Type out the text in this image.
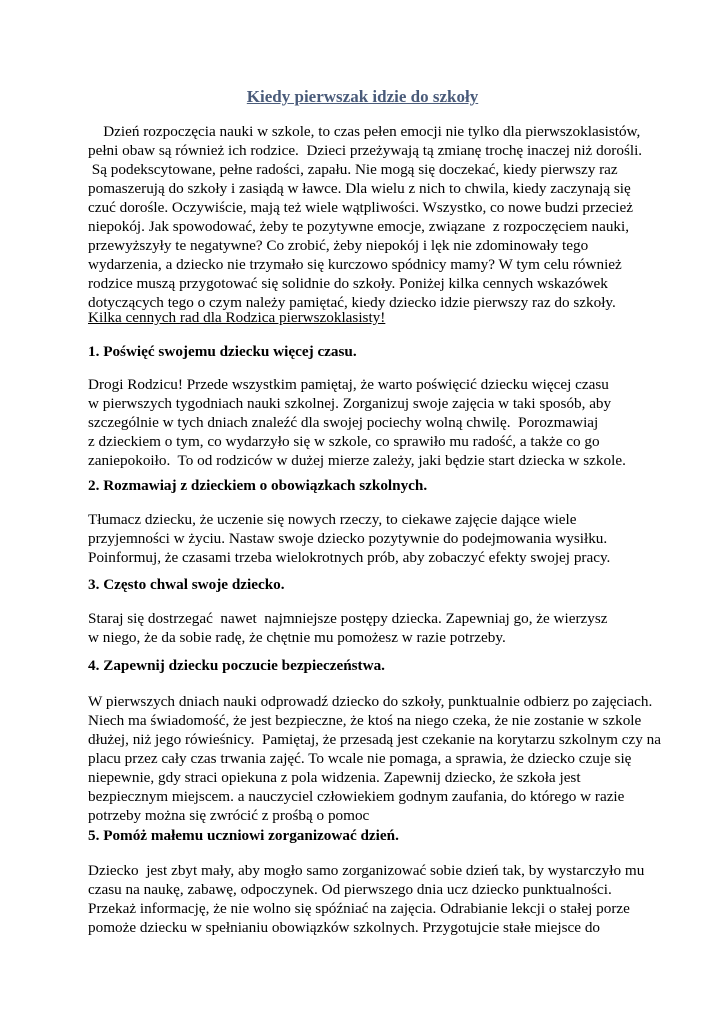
Kiedy pierwszak idzie do szkoły
Dzień rozpoczęcia nauki w szkole, to czas pełen emocji nie tylko dla pierwszoklasistów,
pełni obaw są również ich rodzice.  Dzieci przeżywają tą zmianę trochę inaczej niż dorośli.
Są podekscytowane, pełne radości, zapału. Nie mogą się doczekać, kiedy pierwszy raz
pomaszerują do szkoły i zasiądą w ławce. Dla wielu z nich to chwila, kiedy zaczynają się
czuć dorośle. Oczywiście, mają też wiele wątpliwości. Wszystko, co nowe budzi przecież
niepokój. Jak spowodować, żeby te pozytywne emocje, związane  z rozpoczęciem nauki,
przewyższyły te negatywne? Co zrobić, żeby niepokój i lęk nie zdominowały tego
wydarzenia, a dziecko nie trzymało się kurczowo spódnicy mamy? W tym celu również
rodzice muszą przygotować się solidnie do szkoły. Poniżej kilka cennych wskazówek
dotyczących tego o czym należy pamiętać, kiedy dziecko idzie pierwszy raz do szkoły.
Kilka cennych rad dla Rodzica pierwszoklasisty!
1. Poświęć swojemu dziecku więcej czasu.
Drogi Rodzicu! Przede wszystkim pamiętaj, że warto poświęcić dziecku więcej czasu
w pierwszych tygodniach nauki szkolnej. Zorganizuj swoje zajęcia w taki sposób, aby
szczególnie w tych dniach znaleźć dla swojej pociechy wolną chwilę.  Porozmawiaj
z dzieckiem o tym, co wydarzyło się w szkole, co sprawiło mu radość, a także co go
zaniepokoiło.  To od rodziców w dużej mierze zależy, jaki będzie start dziecka w szkole.
2. Rozmawiaj z dzieckiem o obowiązkach szkolnych.
Tłumacz dziecku, że uczenie się nowych rzeczy, to ciekawe zajęcie dające wiele
przyjemności w życiu. Nastaw swoje dziecko pozytywnie do podejmowania wysiłku.
Poinformuj, że czasami trzeba wielokrotnych prób, aby zobaczyć efekty swojej pracy.
3. Często chwal swoje dziecko.
Staraj się dostrzegać  nawet  najmniejsze postępy dziecka. Zapewniaj go, że wierzysz
w niego, że da sobie radę, że chętnie mu pomożesz w razie potrzeby.
4. Zapewnij dziecku poczucie bezpieczeństwa.
W pierwszych dniach nauki odprowadź dziecko do szkoły, punktualnie odbierz po zajęciach.
Niech ma świadomość, że jest bezpieczne, że ktoś na niego czeka, że nie zostanie w szkole
dłużej, niż jego rówieśnicy.  Pamiętaj, że przesadą jest czekanie na korytarzu szkolnym czy na
placu przez cały czas trwania zajęć. To wcale nie pomaga, a sprawia, że dziecko czuje się
niepewnie, gdy straci opiekuna z pola widzenia. Zapewnij dziecko, że szkoła jest
bezpiecznym miejscem. a nauczyciel człowiekiem godnym zaufania, do którego w razie
potrzeby można się zwrócić z prośbą o pomoc
5. Pomóż małemu uczniowi zorganizować dzień.
Dziecko  jest zbyt mały, aby mogło samo zorganizować sobie dzień tak, by wystarczyło mu
czasu na naukę, zabawę, odpoczynek. Od pierwszego dnia ucz dziecko punktualności.
Przekaż informację, że nie wolno się spóźniać na zajęcia. Odrabianie lekcji o stałej porze
pomoże dziecku w spełnianiu obowiązków szkolnych. Przygotujcie stałe miejsce do
